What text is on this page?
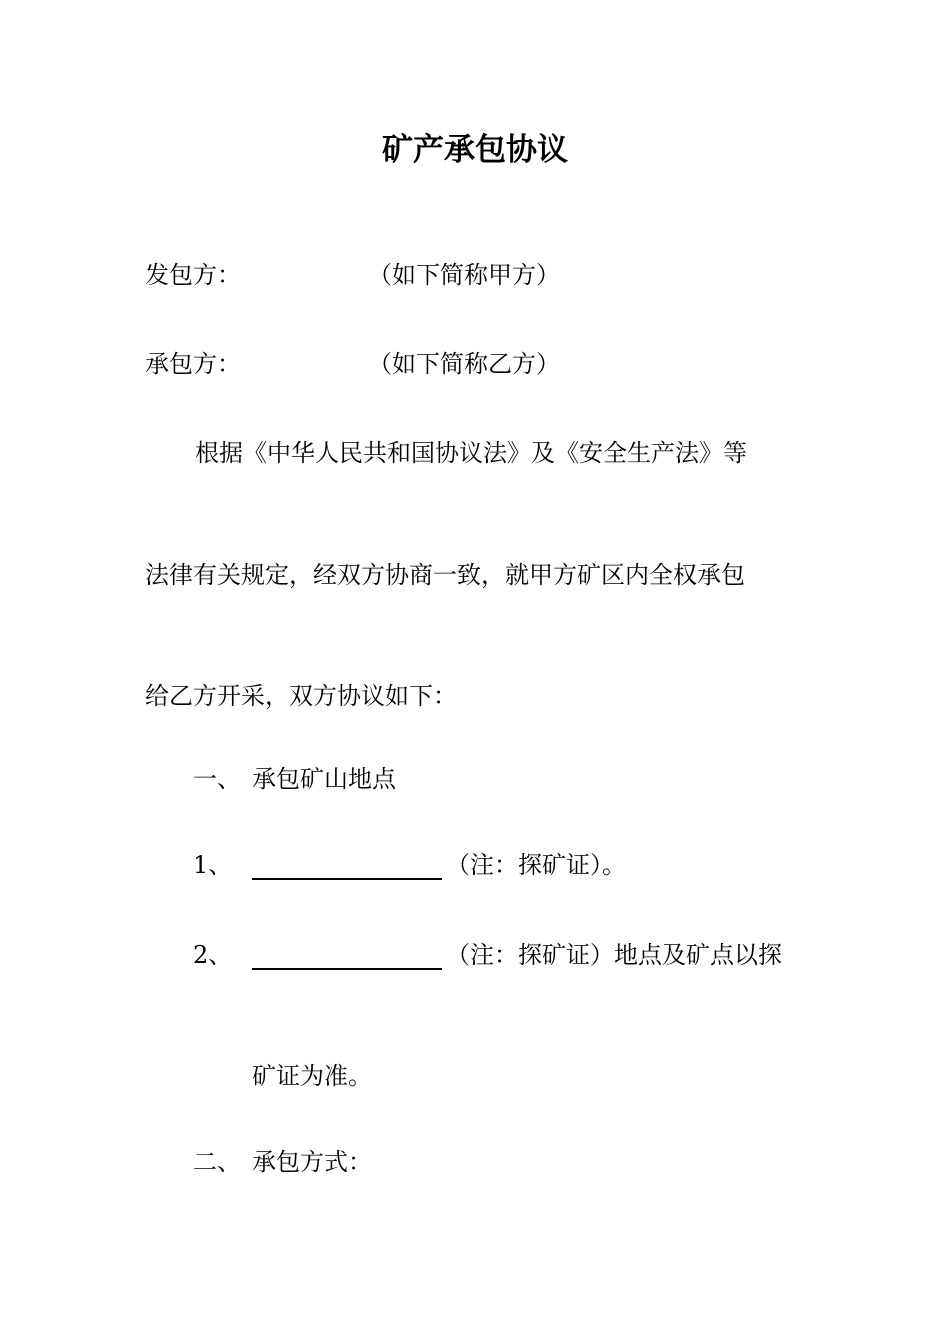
矿产承包协议
发包方：	（如下简称甲方）
承包方：	（如下简称乙方）
根据《中华人民共和国协议法》及《安全生产法》等
法律有关规定，经双方协商一致，就甲方矿区内全权承包
给乙方开采，双方协议如下：
一、 承包矿山地点
1、	（注：探矿证）。
2、	（注：探矿证）地点及矿点以探
矿证为准。
二、 承包方式：
